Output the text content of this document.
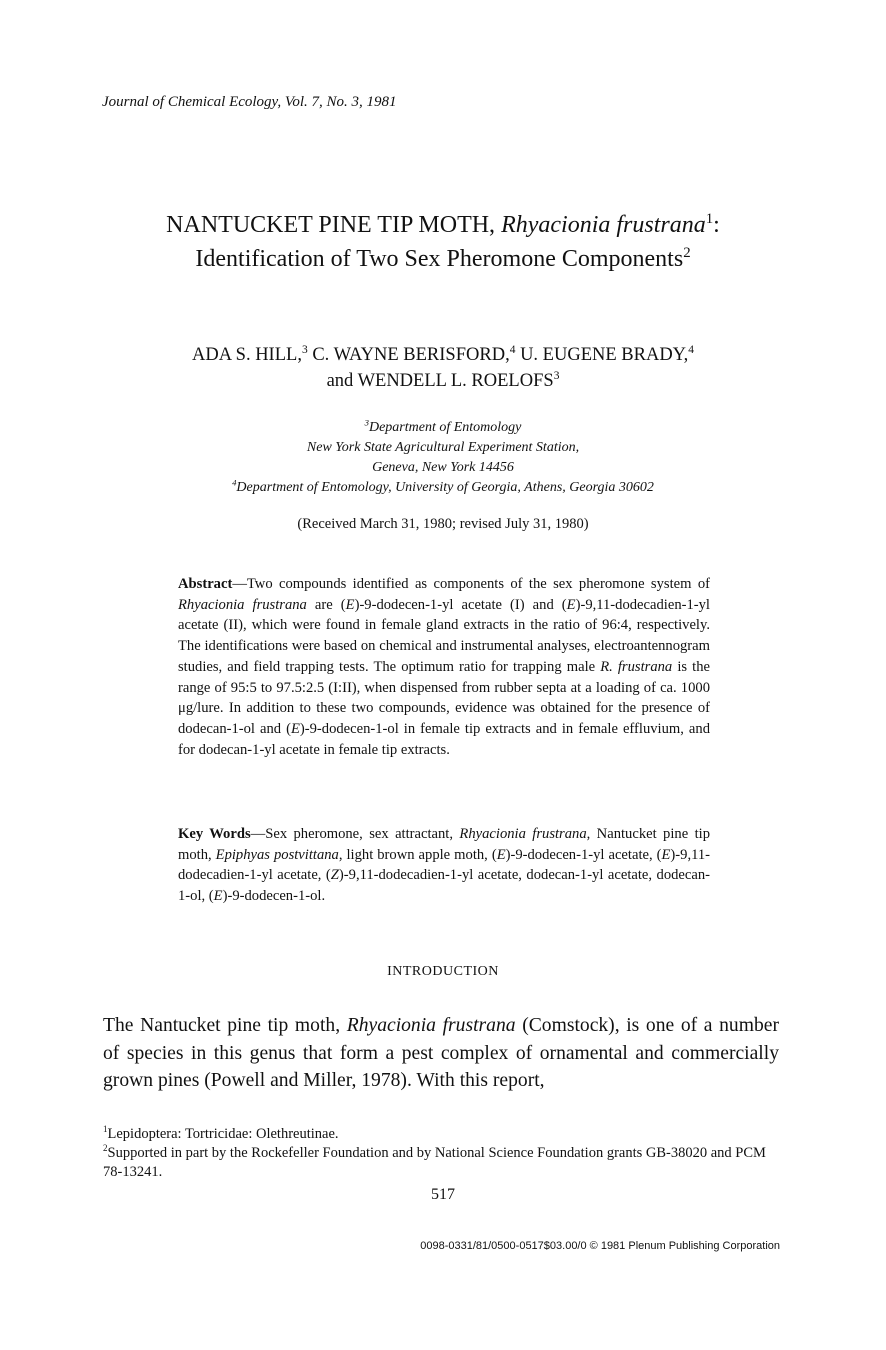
Journal of Chemical Ecology, Vol. 7, No. 3, 1981
NANTUCKET PINE TIP MOTH, Rhyacionia frustrana$^1$:
Identification of Two Sex Pheromone Components$^2$
ADA S. HILL,$^3$ C. WAYNE BERISFORD,$^4$ U. EUGENE BRADY,$^4$
and WENDELL L. ROELOFS$^3$
$^3$Department of Entomology
New York State Agricultural Experiment Station,
Geneva, New York 14456
$^4$Department of Entomology, University of Georgia, Athens, Georgia 30602
(Received March 31, 1980; revised July 31, 1980)
Abstract—Two compounds identified as components of the sex pheromone system of Rhyacionia frustrana are (E)-9-dodecen-1-yl acetate (I) and (E)-9,11-dodecadien-1-yl acetate (II), which were found in female gland extracts in the ratio of 96:4, respectively. The identifications were based on chemical and instrumental analyses, electroantennogram studies, and field trapping tests. The optimum ratio for trapping male R. frustrana is the range of 95:5 to 97.5:2.5 (I:II), when dispensed from rubber septa at a loading of ca. 1000 μg/lure. In addition to these two compounds, evidence was obtained for the presence of dodecan-1-ol and (E)-9-dodecen-1-ol in female tip extracts and in female effluvium, and for dodecan-1-yl acetate in female tip extracts.
Key Words—Sex pheromone, sex attractant, Rhyacionia frustrana, Nantucket pine tip moth, Epiphyas postvittana, light brown apple moth, (E)-9-dodecen-1-yl acetate, (E)-9,11-dodecadien-1-yl acetate, (Z)-9,11-dodecadien-1-yl acetate, dodecan-1-yl acetate, dodecan-1-ol, (E)-9-dodecen-1-ol.
INTRODUCTION
The Nantucket pine tip moth, Rhyacionia frustrana (Comstock), is one of a number of species in this genus that form a pest complex of ornamental and commercially grown pines (Powell and Miller, 1978). With this report,
$^1$Lepidoptera: Tortricidae: Olethreutinae.
$^2$Supported in part by the Rockefeller Foundation and by National Science Foundation grants GB-38020 and PCM 78-13241.
517
0098-0331/81/0500-0517$03.00/0 © 1981 Plenum Publishing Corporation
